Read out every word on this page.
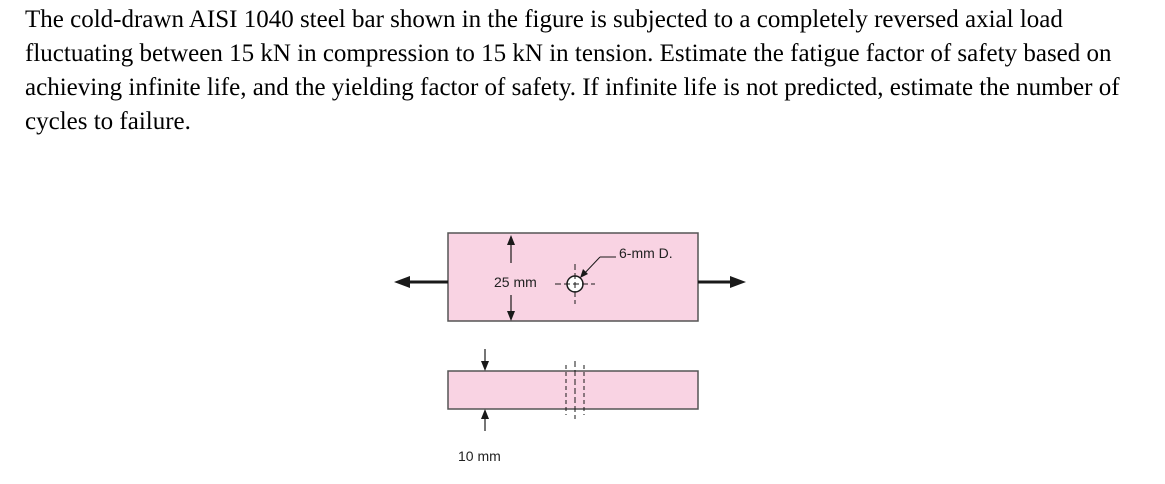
The cold-drawn AISI 1040 steel bar shown in the figure is subjected to a completely reversed axial load fluctuating between 15 kN in compression to 15 kN in tension. Estimate the fatigue factor of safety based on achieving infinite life, and the yielding factor of safety. If infinite life is not predicted, estimate the number of cycles to failure.

25 mm
6-mm D.
10 mm
